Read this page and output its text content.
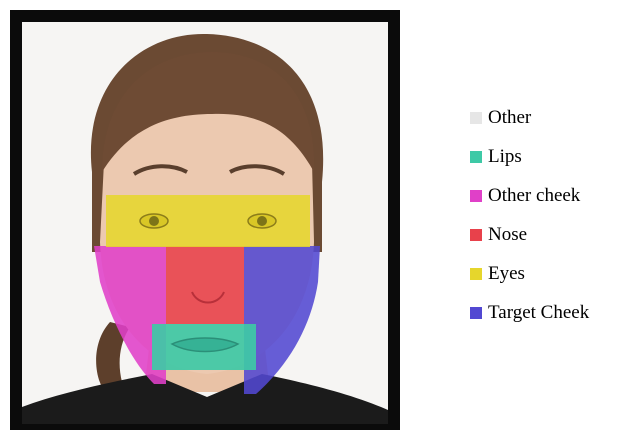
Other
Lips
Other cheek
Nose
Eyes
Target Cheek
